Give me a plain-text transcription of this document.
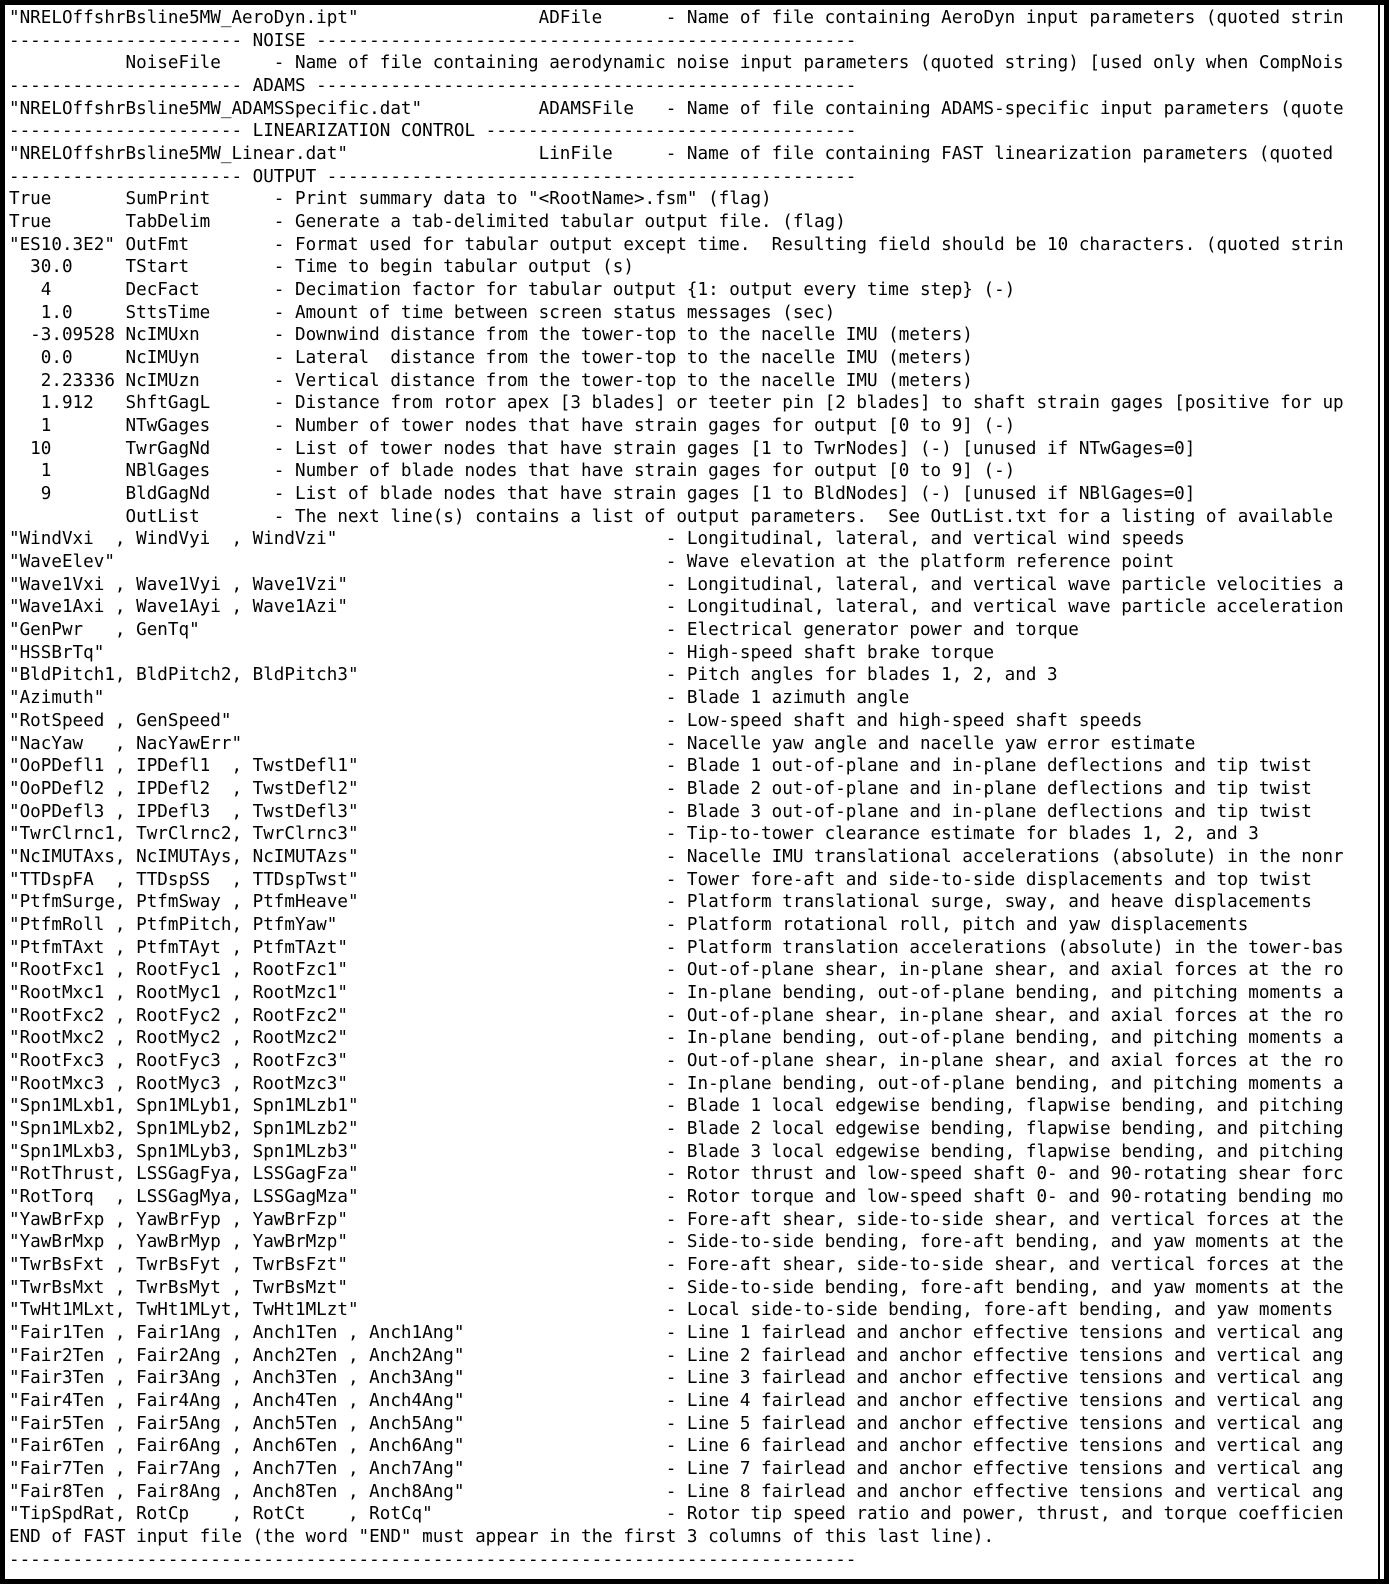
"NRELOffshrBsline5MW_AeroDyn.ipt"                 ADFile      - Name of file containing AeroDyn input parameters (quoted strin
---------------------- NOISE ---------------------------------------------------
NoiseFile     - Name of file containing aerodynamic noise input parameters (quoted string) [used only when CompNois
---------------------- ADAMS ---------------------------------------------------
"NRELOffshrBsline5MW_ADAMSSpecific.dat"           ADAMSFile   - Name of file containing ADAMS-specific input parameters (quote
---------------------- LINEARIZATION CONTROL -----------------------------------
"NRELOffshrBsline5MW_Linear.dat"                  LinFile     - Name of file containing FAST linearization parameters (quoted
---------------------- OUTPUT --------------------------------------------------
True       SumPrint      - Print summary data to "<RootName>.fsm" (flag)
True       TabDelim      - Generate a tab-delimited tabular output file. (flag)
"ES10.3E2" OutFmt        - Format used for tabular output except time.  Resulting field should be 10 characters. (quoted strin
30.0     TStart        - Time to begin tabular output (s)
4       DecFact       - Decimation factor for tabular output {1: output every time step} (-)
1.0     SttsTime      - Amount of time between screen status messages (sec)
-3.09528 NcIMUxn       - Downwind distance from the tower-top to the nacelle IMU (meters)
0.0     NcIMUyn       - Lateral  distance from the tower-top to the nacelle IMU (meters)
2.23336 NcIMUzn       - Vertical distance from the tower-top to the nacelle IMU (meters)
1.912   ShftGagL      - Distance from rotor apex [3 blades] or teeter pin [2 blades] to shaft strain gages [positive for up
1       NTwGages      - Number of tower nodes that have strain gages for output [0 to 9] (-)
10       TwrGagNd      - List of tower nodes that have strain gages [1 to TwrNodes] (-) [unused if NTwGages=0]
1       NBlGages      - Number of blade nodes that have strain gages for output [0 to 9] (-)
9       BldGagNd      - List of blade nodes that have strain gages [1 to BldNodes] (-) [unused if NBlGages=0]
OutList       - The next line(s) contains a list of output parameters.  See OutList.txt for a listing of available
"WindVxi  , WindVyi  , WindVzi"                               - Longitudinal, lateral, and vertical wind speeds
"WaveElev"                                                    - Wave elevation at the platform reference point
"Wave1Vxi , Wave1Vyi , Wave1Vzi"                              - Longitudinal, lateral, and vertical wave particle velocities a
"Wave1Axi , Wave1Ayi , Wave1Azi"                              - Longitudinal, lateral, and vertical wave particle acceleration
"GenPwr   , GenTq"                                            - Electrical generator power and torque
"HSSBrTq"                                                     - High-speed shaft brake torque
"BldPitch1, BldPitch2, BldPitch3"                             - Pitch angles for blades 1, 2, and 3
"Azimuth"                                                     - Blade 1 azimuth angle
"RotSpeed , GenSpeed"                                         - Low-speed shaft and high-speed shaft speeds
"NacYaw   , NacYawErr"                                        - Nacelle yaw angle and nacelle yaw error estimate
"OoPDefl1 , IPDefl1  , TwstDefl1"                             - Blade 1 out-of-plane and in-plane deflections and tip twist
"OoPDefl2 , IPDefl2  , TwstDefl2"                             - Blade 2 out-of-plane and in-plane deflections and tip twist
"OoPDefl3 , IPDefl3  , TwstDefl3"                             - Blade 3 out-of-plane and in-plane deflections and tip twist
"TwrClrnc1, TwrClrnc2, TwrClrnc3"                             - Tip-to-tower clearance estimate for blades 1, 2, and 3
"NcIMUTAxs, NcIMUTAys, NcIMUTAzs"                             - Nacelle IMU translational accelerations (absolute) in the nonr
"TTDspFA  , TTDspSS  , TTDspTwst"                             - Tower fore-aft and side-to-side displacements and top twist
"PtfmSurge, PtfmSway , PtfmHeave"                             - Platform translational surge, sway, and heave displacements
"PtfmRoll , PtfmPitch, PtfmYaw"                               - Platform rotational roll, pitch and yaw displacements
"PtfmTAxt , PtfmTAyt , PtfmTAzt"                              - Platform translation accelerations (absolute) in the tower-bas
"RootFxc1 , RootFyc1 , RootFzc1"                              - Out-of-plane shear, in-plane shear, and axial forces at the ro
"RootMxc1 , RootMyc1 , RootMzc1"                              - In-plane bending, out-of-plane bending, and pitching moments a
"RootFxc2 , RootFyc2 , RootFzc2"                              - Out-of-plane shear, in-plane shear, and axial forces at the ro
"RootMxc2 , RootMyc2 , RootMzc2"                              - In-plane bending, out-of-plane bending, and pitching moments a
"RootFxc3 , RootFyc3 , RootFzc3"                              - Out-of-plane shear, in-plane shear, and axial forces at the ro
"RootMxc3 , RootMyc3 , RootMzc3"                              - In-plane bending, out-of-plane bending, and pitching moments a
"Spn1MLxb1, Spn1MLyb1, Spn1MLzb1"                             - Blade 1 local edgewise bending, flapwise bending, and pitching
"Spn1MLxb2, Spn1MLyb2, Spn1MLzb2"                             - Blade 2 local edgewise bending, flapwise bending, and pitching
"Spn1MLxb3, Spn1MLyb3, Spn1MLzb3"                             - Blade 3 local edgewise bending, flapwise bending, and pitching
"RotThrust, LSSGagFya, LSSGagFza"                             - Rotor thrust and low-speed shaft 0- and 90-rotating shear forc
"RotTorq  , LSSGagMya, LSSGagMza"                             - Rotor torque and low-speed shaft 0- and 90-rotating bending mo
"YawBrFxp , YawBrFyp , YawBrFzp"                              - Fore-aft shear, side-to-side shear, and vertical forces at the
"YawBrMxp , YawBrMyp , YawBrMzp"                              - Side-to-side bending, fore-aft bending, and yaw moments at the
"TwrBsFxt , TwrBsFyt , TwrBsFzt"                              - Fore-aft shear, side-to-side shear, and vertical forces at the
"TwrBsMxt , TwrBsMyt , TwrBsMzt"                              - Side-to-side bending, fore-aft bending, and yaw moments at the
"TwHt1MLxt, TwHt1MLyt, TwHt1MLzt"                             - Local side-to-side bending, fore-aft bending, and yaw moments
"Fair1Ten , Fair1Ang , Anch1Ten , Anch1Ang"                   - Line 1 fairlead and anchor effective tensions and vertical ang
"Fair2Ten , Fair2Ang , Anch2Ten , Anch2Ang"                   - Line 2 fairlead and anchor effective tensions and vertical ang
"Fair3Ten , Fair3Ang , Anch3Ten , Anch3Ang"                   - Line 3 fairlead and anchor effective tensions and vertical ang
"Fair4Ten , Fair4Ang , Anch4Ten , Anch4Ang"                   - Line 4 fairlead and anchor effective tensions and vertical ang
"Fair5Ten , Fair5Ang , Anch5Ten , Anch5Ang"                   - Line 5 fairlead and anchor effective tensions and vertical ang
"Fair6Ten , Fair6Ang , Anch6Ten , Anch6Ang"                   - Line 6 fairlead and anchor effective tensions and vertical ang
"Fair7Ten , Fair7Ang , Anch7Ten , Anch7Ang"                   - Line 7 fairlead and anchor effective tensions and vertical ang
"Fair8Ten , Fair8Ang , Anch8Ten , Anch8Ang"                   - Line 8 fairlead and anchor effective tensions and vertical ang
"TipSpdRat, RotCp    , RotCt    , RotCq"                      - Rotor tip speed ratio and power, thrust, and torque coefficien
END of FAST input file (the word "END" must appear in the first 3 columns of this last line).
--------------------------------------------------------------------------------
